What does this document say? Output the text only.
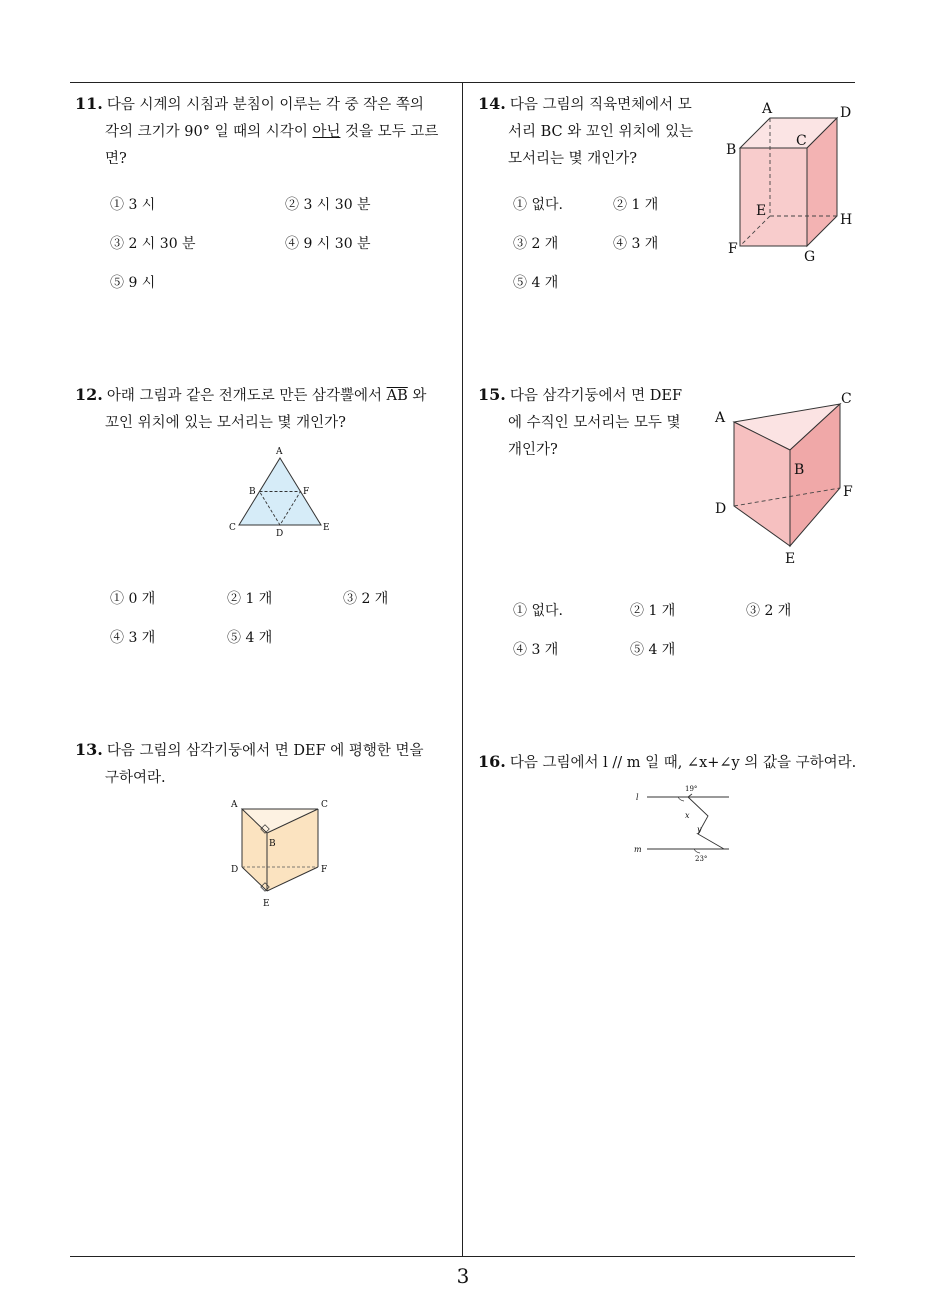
11. 다음 시계의 시침과 분침이 이루는 각 중 작은 쪽의
각의 크기가 90° 일 때의 시각이 아닌 것을 모두 고르
면?
① 3 시	② 3 시 30 분
③ 2 시 30 분	④ 9 시 30 분
⑤ 9 시
12. 아래 그림과 같은 전개도로 만든 삼각뿔에서 $\overline{AB}$ 와
꼬인 위치에 있는 모서리는 몇 개인가?
A
B	F
C
D
E
① 0 개	② 1 개	③ 2 개
④ 3 개	⑤ 4 개
13. 다음 그림의 삼각기둥에서 면 DEF 에 평행한 면을
구하여라.
A	C
B
D	F
E
14. 다음 그림의 직육면체에서 모
서리 BC 와 꼬인 위치에 있는
모서리는 몇 개인가?
A	D
B
C
E
H
F	G
① 없다.	② 1 개
③ 2 개	④ 3 개
⑤ 4 개
15. 다음 삼각기둥에서 면 DEF
에 수직인 모서리는 모두 몇
개인가?
C
A
B
F
D
E
① 없다.	② 1 개	③ 2 개
④ 3 개	⑤ 4 개
16. 다음 그림에서 l // m 일 때, ∠x+∠y 의 값을 구하여라.
l
m
19°
x
y
23°
3
